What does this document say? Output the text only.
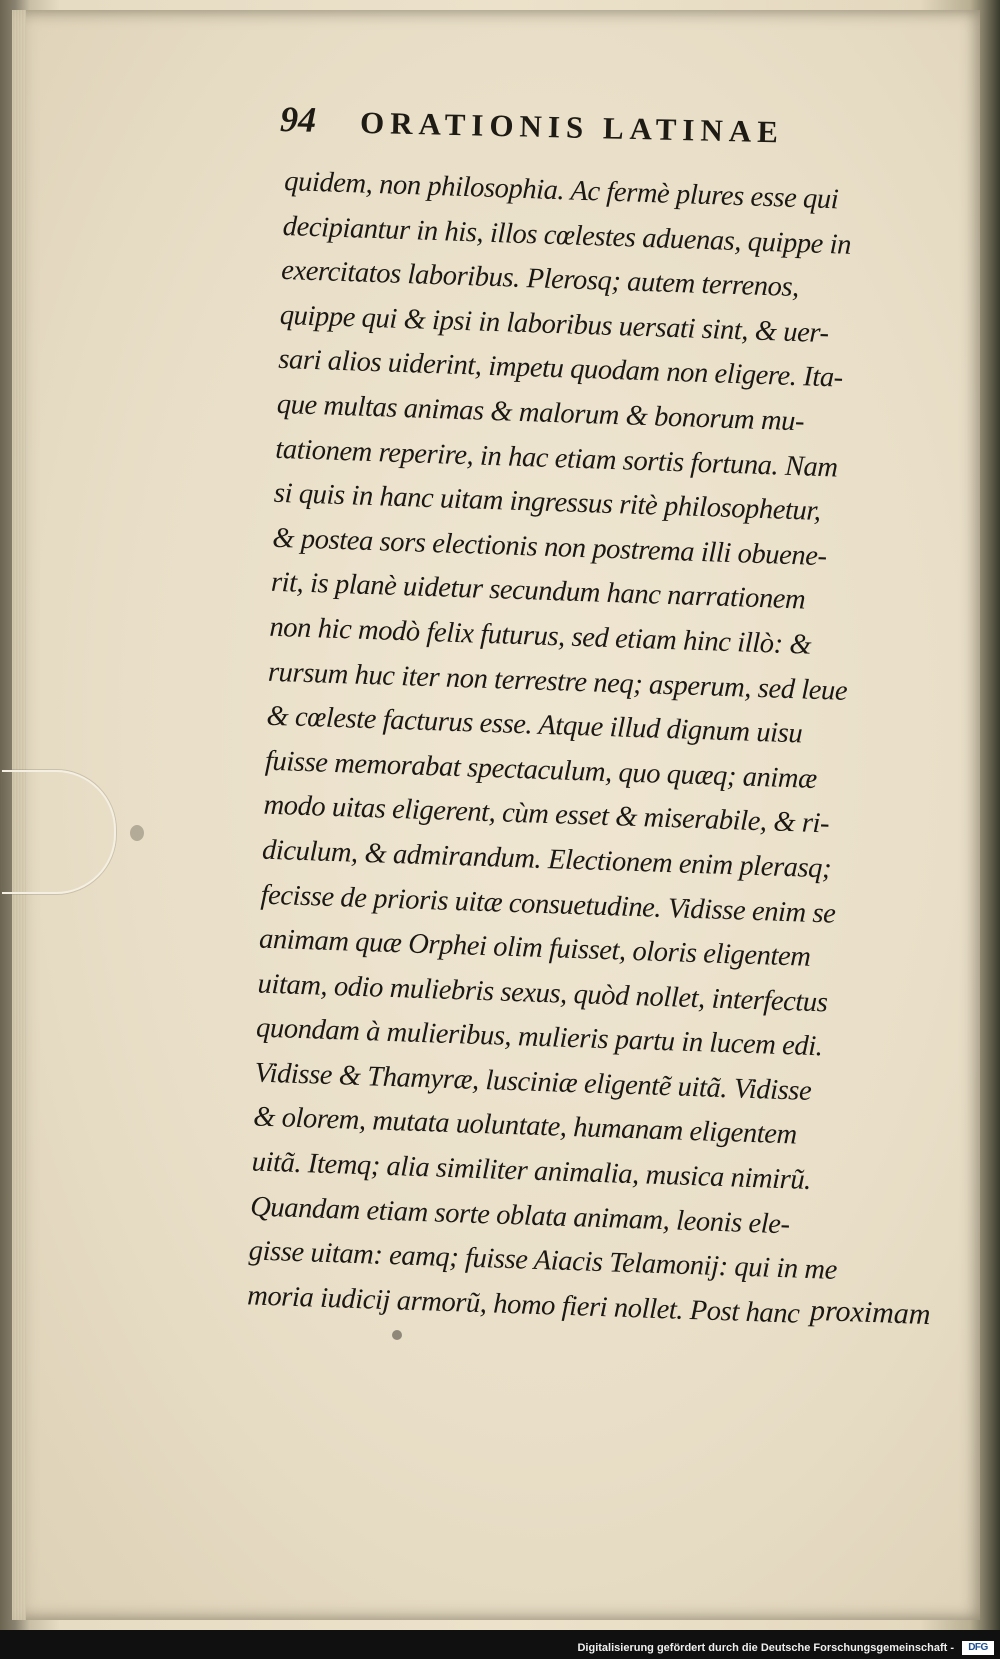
94 ORATIONIS LATINAE
quidem, non philosophia. Ac fermè plures esse qui
decipiantur in his, illos cœlestes aduenas, quippe in
exercitatos laboribus. Plerosq; autem terrenos,
quippe qui & ipsi in laboribus uersati sint, & uer-
sari alios uiderint, impetu quodam non eligere. Ita-
que multas animas & malorum & bonorum mu-
tationem reperire, in hac etiam sortis fortuna. Nam
si quis in hanc uitam ingressus ritè philosophetur,
& postea sors electionis non postrema illi obuene-
rit, is planè uidetur secundum hanc narrationem
non hic modò felix futurus, sed etiam hinc illò: &
rursum huc iter non terrestre neq; asperum, sed leue
& cœleste facturus esse. Atque illud dignum uisu
fuisse memorabat spectaculum, quo quæq; animæ
modo uitas eligerent, cùm esset & miserabile, & ri-
diculum, & admirandum. Electionem enim plerasq;
fecisse de prioris uitæ consuetudine. Vidisse enim se
animam quæ Orphei olim fuisset, oloris eligentem
uitam, odio muliebris sexus, quòd nollet, interfectus
quondam à mulieribus, mulieris partu in lucem edi.
Vidisse & Thamyræ, lusciniæ eligentẽ uitã. Vidisse
& olorem, mutata uoluntate, humanam eligentem
uitã. Itemq; alia similiter animalia, musica nimirũ.
Quandam etiam sorte oblata animam, leonis ele-
gisse uitam: eamq; fuisse Aiacis Telamonij: qui in me
moria iudicij armorũ, homo fieri nollet. Post hanc proximam
Digitalisierung gefördert durch die Deutsche Forschungsgemeinschaft -	DFG
